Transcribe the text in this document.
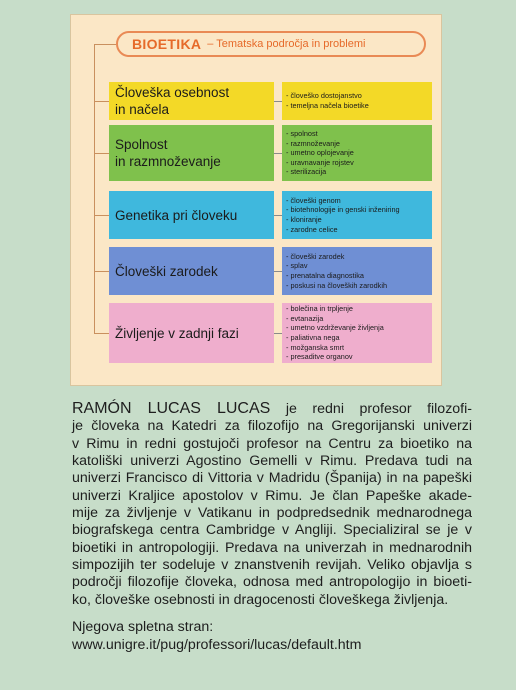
BIOETIKA – Tematska področja in problemi
Človeška osebnost
in načela
- človeško dostojanstvo
- temeljna načela bioetike
Spolnost
in razmnoževanje
- spolnost
- razmnoževanje
- umetno oplojevanje
- uravnavanje rojstev
- sterilizacija
Genetika pri človeku
- človeški genom
- biotehnologije in genski inženiring
- kloniranje
- zarodne celice
Človeški zarodek
- človeški zarodek
- splav
- prenatalna diagnostika
- poskusi na človeških zarodkih
Življenje v zadnji fazi
- bolečina in trpljenje
- evtanazija
- umetno vzdrževanje življenja
- paliativna nega
- možganska smrt
- presaditve organov
RAMÓN LUCAS LUCAS je redni profesor filozofi-
je človeka na Katedri za filozofijo na Gregorijanski univerzi
v Rimu in redni gostujoči profesor na Centru za bioetiko na
katoliški univerzi Agostino Gemelli v Rimu. Predava tudi na
univerzi Francisco di Vittoria v Madridu (Španija) in na papeški
univerzi Kraljice apostolov v Rimu. Je član Papeške akade-
mije za življenje v Vatikanu in podpredsednik mednarodnega
biografskega centra Cambridge v Angliji. Specializiral se je v
bioetiki in antropologiji. Predava na univerzah in mednarodnih
simpozijih ter sodeluje v znanstvenih revijah. Veliko objavlja s
področji filozofije človeka, odnosa med antropologijo in bioeti-
ko, človeške osebnosti in dragocenosti človeškega življenja.
Njegova spletna stran:
www.unigre.it/pug/professori/lucas/default.htm
